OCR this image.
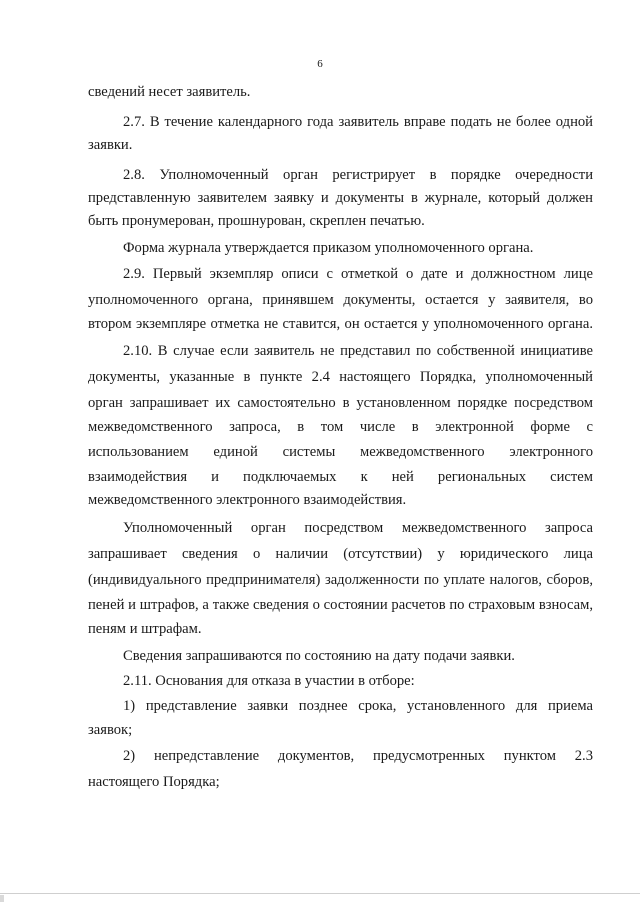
6
сведений несет заявитель.
2.7. В течение календарного года заявитель вправе подать не более одной
заявки.
2.8. Уполномоченный орган регистрирует в порядке очередности
представленную заявителем заявку и документы в журнале, который должен
быть пронумерован, прошнурован, скреплен печатью.
Форма журнала утверждается приказом уполномоченного органа.
2.9. Первый экземпляр описи с отметкой о дате и должностном лице
уполномоченного органа, принявшем документы, остается у заявителя, во
втором экземпляре отметка не ставится, он остается у уполномоченного органа.
2.10. В случае если заявитель не представил по собственной инициативе
документы, указанные в пункте 2.4 настоящего Порядка, уполномоченный
орган запрашивает их самостоятельно в установленном порядке посредством
межведомственного запроса, в том числе в электронной форме с
использованием единой системы межведомственного электронного
взаимодействия и подключаемых к ней региональных систем
межведомственного электронного взаимодействия.
Уполномоченный орган посредством межведомственного запроса
запрашивает сведения о наличии (отсутствии) у юридического лица
(индивидуального предпринимателя) задолженности по уплате налогов, сборов,
пеней и штрафов, а также сведения о состоянии расчетов по страховым взносам,
пеням и штрафам.
Сведения запрашиваются по состоянию на дату подачи заявки.
2.11. Основания для отказа в участии в отборе:
1) представление заявки позднее срока, установленного для приема
заявок;
2) непредставление документов, предусмотренных пунктом 2.3
настоящего Порядка;
